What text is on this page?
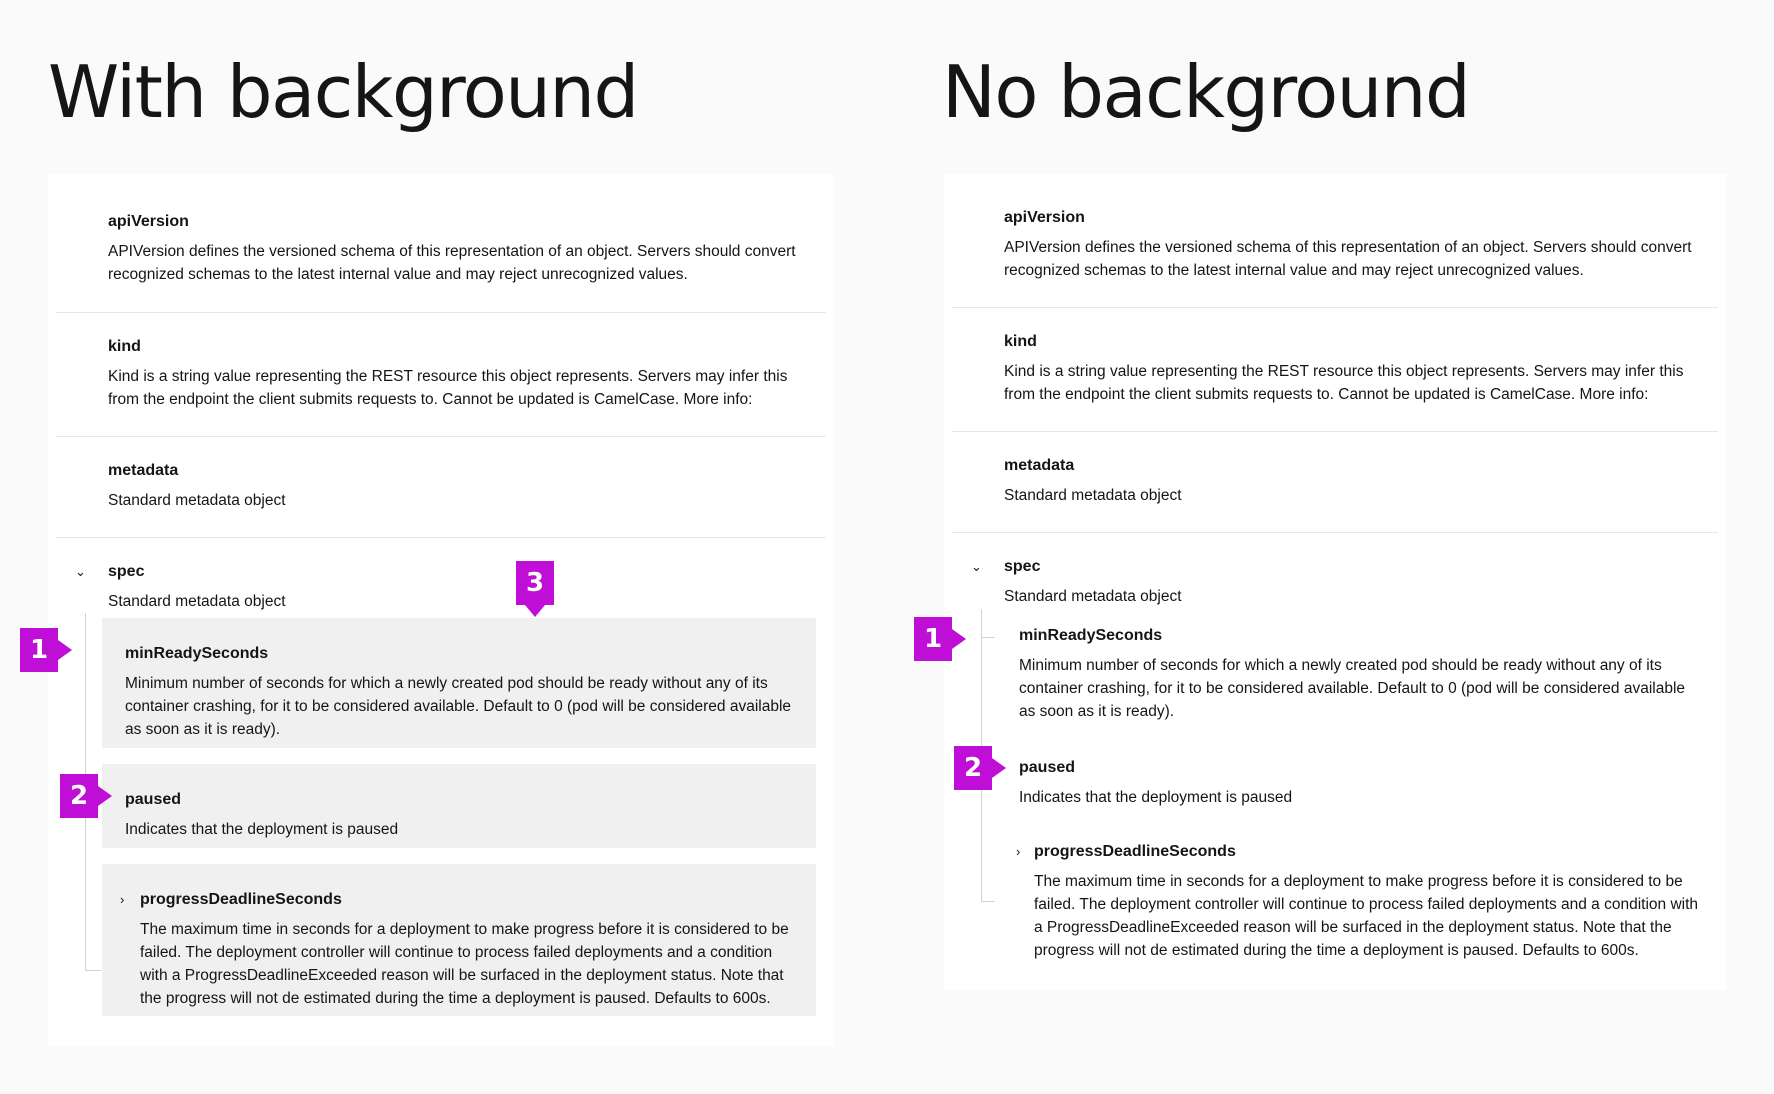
With background	No background
apiVersion
APIVersion defines the versioned schema of this representation of an object. Servers should convert recognized schemas to the latest internal value and may reject unrecognized values.
kind
Kind is a string value representing the REST resource this object represents. Servers may infer this from the endpoint the client submits requests to. Cannot be updated is CamelCase. More info:
metadata
Standard metadata object
⌄ spec
Standard metadata object
minReadySeconds
Minimum number of seconds for which a newly created pod should be ready without any of its container crashing, for it to be considered available. Default to 0 (pod will be considered available as soon as it is ready).
paused
Indicates that the deployment is paused
› progressDeadlineSeconds
The maximum time in seconds for a deployment to make progress before it is considered to be failed. The deployment controller will continue to process failed deployments and a condition with a ProgressDeadlineExceeded reason will be surfaced in the deployment status. Note that the progress will not de estimated during the time a deployment is paused. Defaults to 600s.
apiVersion
APIVersion defines the versioned schema of this representation of an object. Servers should convert recognized schemas to the latest internal value and may reject unrecognized values.
kind
Kind is a string value representing the REST resource this object represents. Servers may infer this from the endpoint the client submits requests to. Cannot be updated is CamelCase. More info:
metadata
Standard metadata object
⌄ spec
Standard metadata object
minReadySeconds
Minimum number of seconds for which a newly created pod should be ready without any of its container crashing, for it to be considered available. Default to 0 (pod will be considered available as soon as it is ready).
paused
Indicates that the deployment is paused
› progressDeadlineSeconds
The maximum time in seconds for a deployment to make progress before it is considered to be failed. The deployment controller will continue to process failed deployments and a condition with a ProgressDeadlineExceeded reason will be surfaced in the deployment status. Note that the progress will not de estimated during the time a deployment is paused. Defaults to 600s.
1
2
3
1
2
